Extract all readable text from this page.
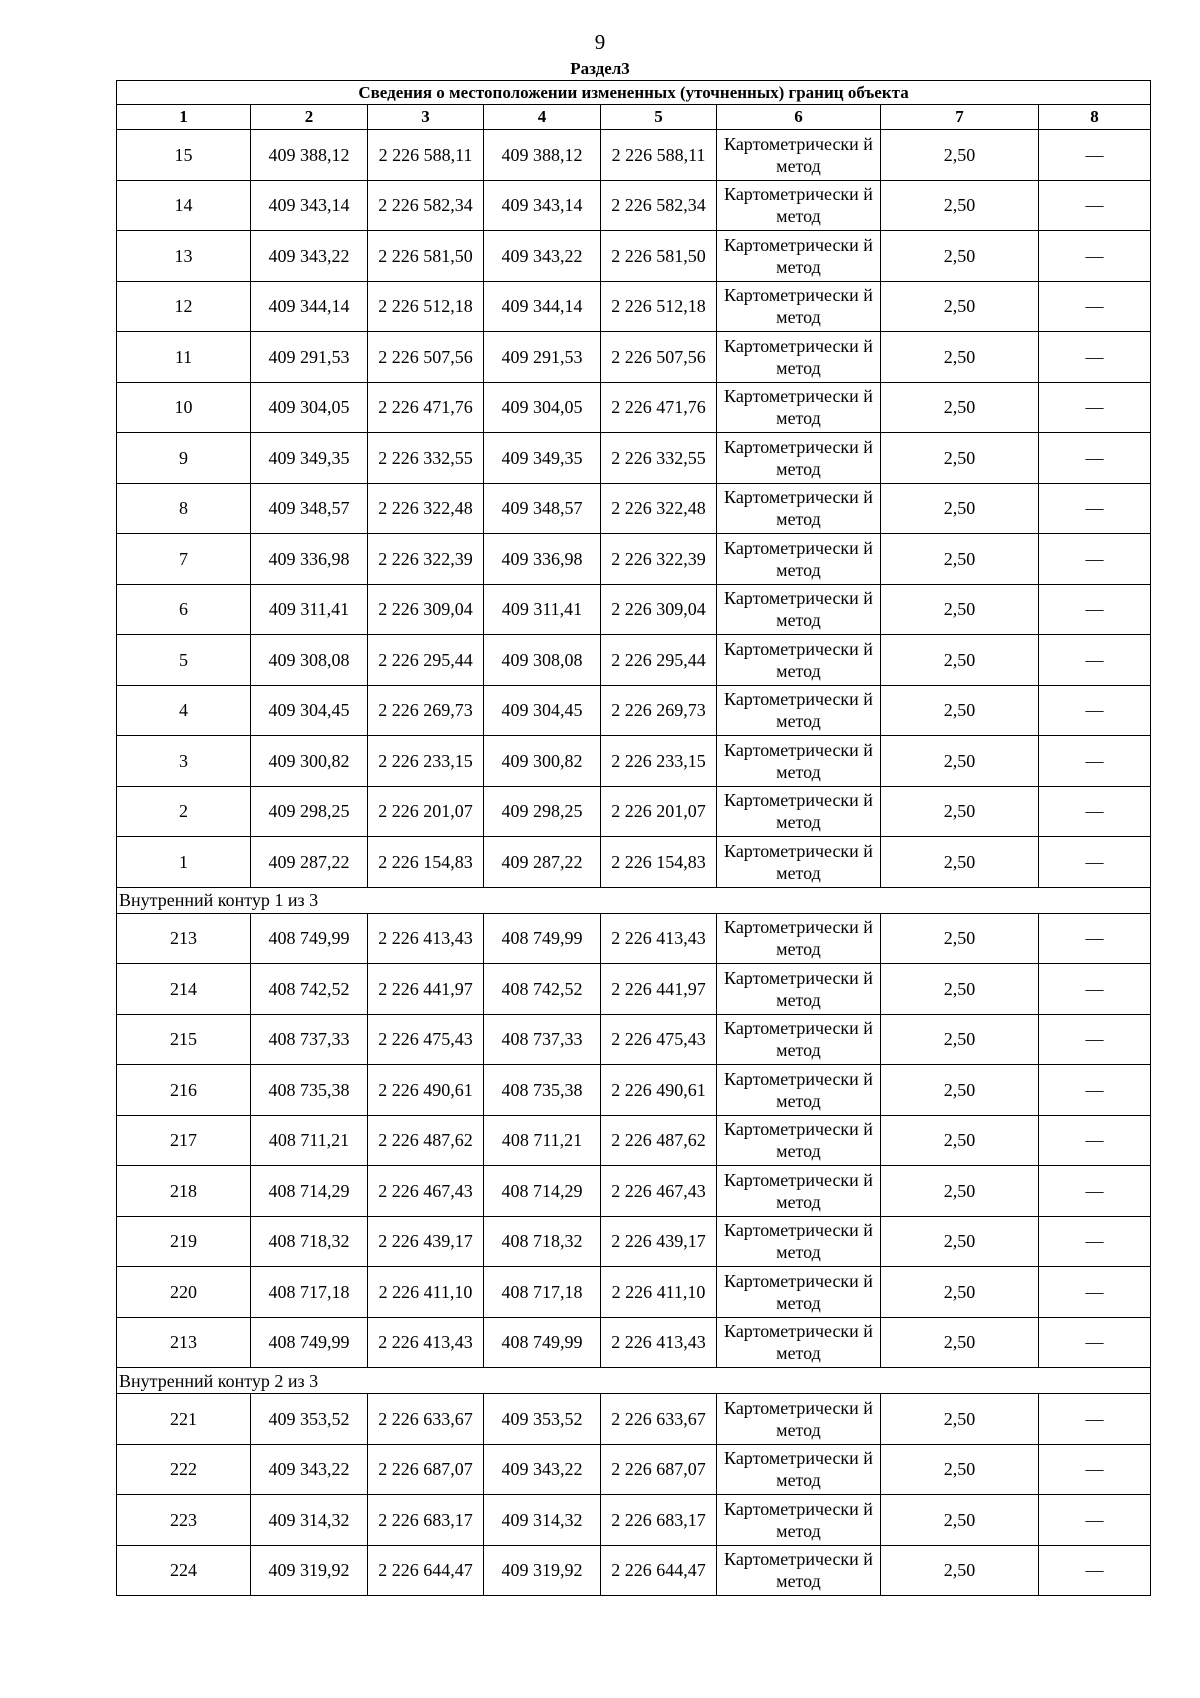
9
Раздел3
Сведения о местоположении измененных (уточненных) границ объекта							
1	2	3	4	5	6	7	8
15	409 388,12	2 226 588,11	409 388,12	2 226 588,11	Картометрически й метод	2,50	—
14	409 343,14	2 226 582,34	409 343,14	2 226 582,34	Картометрически й метод	2,50	—
13	409 343,22	2 226 581,50	409 343,22	2 226 581,50	Картометрически й метод	2,50	—
12	409 344,14	2 226 512,18	409 344,14	2 226 512,18	Картометрически й метод	2,50	—
11	409 291,53	2 226 507,56	409 291,53	2 226 507,56	Картометрически й метод	2,50	—
10	409 304,05	2 226 471,76	409 304,05	2 226 471,76	Картометрически й метод	2,50	—
9	409 349,35	2 226 332,55	409 349,35	2 226 332,55	Картометрически й метод	2,50	—
8	409 348,57	2 226 322,48	409 348,57	2 226 322,48	Картометрически й метод	2,50	—
7	409 336,98	2 226 322,39	409 336,98	2 226 322,39	Картометрически й метод	2,50	—
6	409 311,41	2 226 309,04	409 311,41	2 226 309,04	Картометрически й метод	2,50	—
5	409 308,08	2 226 295,44	409 308,08	2 226 295,44	Картометрически й метод	2,50	—
4	409 304,45	2 226 269,73	409 304,45	2 226 269,73	Картометрически й метод	2,50	—
3	409 300,82	2 226 233,15	409 300,82	2 226 233,15	Картометрически й метод	2,50	—
2	409 298,25	2 226 201,07	409 298,25	2 226 201,07	Картометрически й метод	2,50	—
1	409 287,22	2 226 154,83	409 287,22	2 226 154,83	Картометрически й метод	2,50	—
Внутренний контур 1 из 3							
213	408 749,99	2 226 413,43	408 749,99	2 226 413,43	Картометрически й метод	2,50	—
214	408 742,52	2 226 441,97	408 742,52	2 226 441,97	Картометрически й метод	2,50	—
215	408 737,33	2 226 475,43	408 737,33	2 226 475,43	Картометрически й метод	2,50	—
216	408 735,38	2 226 490,61	408 735,38	2 226 490,61	Картометрически й метод	2,50	—
217	408 711,21	2 226 487,62	408 711,21	2 226 487,62	Картометрически й метод	2,50	—
218	408 714,29	2 226 467,43	408 714,29	2 226 467,43	Картометрически й метод	2,50	—
219	408 718,32	2 226 439,17	408 718,32	2 226 439,17	Картометрически й метод	2,50	—
220	408 717,18	2 226 411,10	408 717,18	2 226 411,10	Картометрически й метод	2,50	—
213	408 749,99	2 226 413,43	408 749,99	2 226 413,43	Картометрически й метод	2,50	—
Внутренний контур 2 из 3							
221	409 353,52	2 226 633,67	409 353,52	2 226 633,67	Картометрически й метод	2,50	—
222	409 343,22	2 226 687,07	409 343,22	2 226 687,07	Картометрически й метод	2,50	—
223	409 314,32	2 226 683,17	409 314,32	2 226 683,17	Картометрически й метод	2,50	—
224	409 319,92	2 226 644,47	409 319,92	2 226 644,47	Картометрически й метод	2,50	—
